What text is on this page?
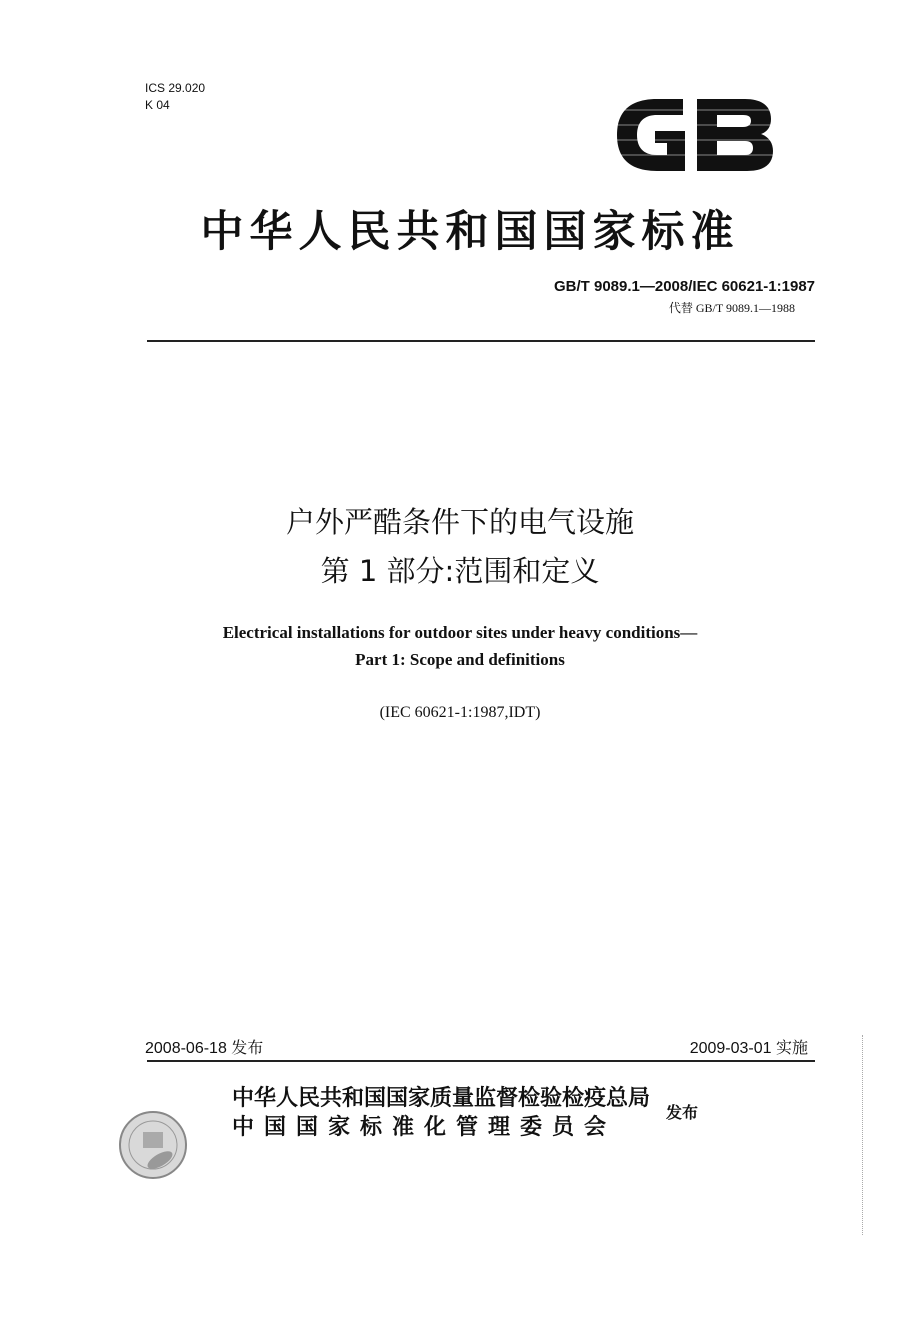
ICS 29.020
K 04
中华人民共和国国家标准
GB/T 9089.1—2008/IEC 60621-1:1987
代替 GB/T 9089.1—1988
户外严酷条件下的电气设施
第 1 部分:范围和定义
Electrical installations for outdoor sites under heavy conditions—
Part 1: Scope and definitions
(IEC 60621-1:1987,IDT)
2008-06-18 发布	2009-03-01 实施
中华人民共和国国家质量监督检验检疫总局
中国国家标准化管理委员会
发布
